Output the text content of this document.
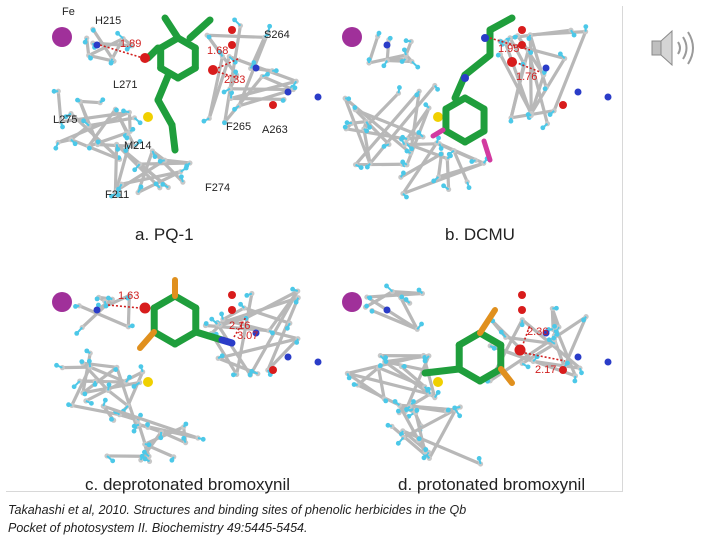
Fe
H215
1.89
1.68
S264
L271	2.33
L275
F265 A263
M214
F274
F211
1.95
1.76
1.63
2.16
3.07	2.36
2.17
a. PQ-1	b. DCMU
c. deprotonated bromoxynil	d. protonated bromoxynil

Takahashi et al, 2010. Structures and binding sites of phenolic herbicides in the Qb
Pocket of photosystem II. Biochemistry 49:5445-5454.
